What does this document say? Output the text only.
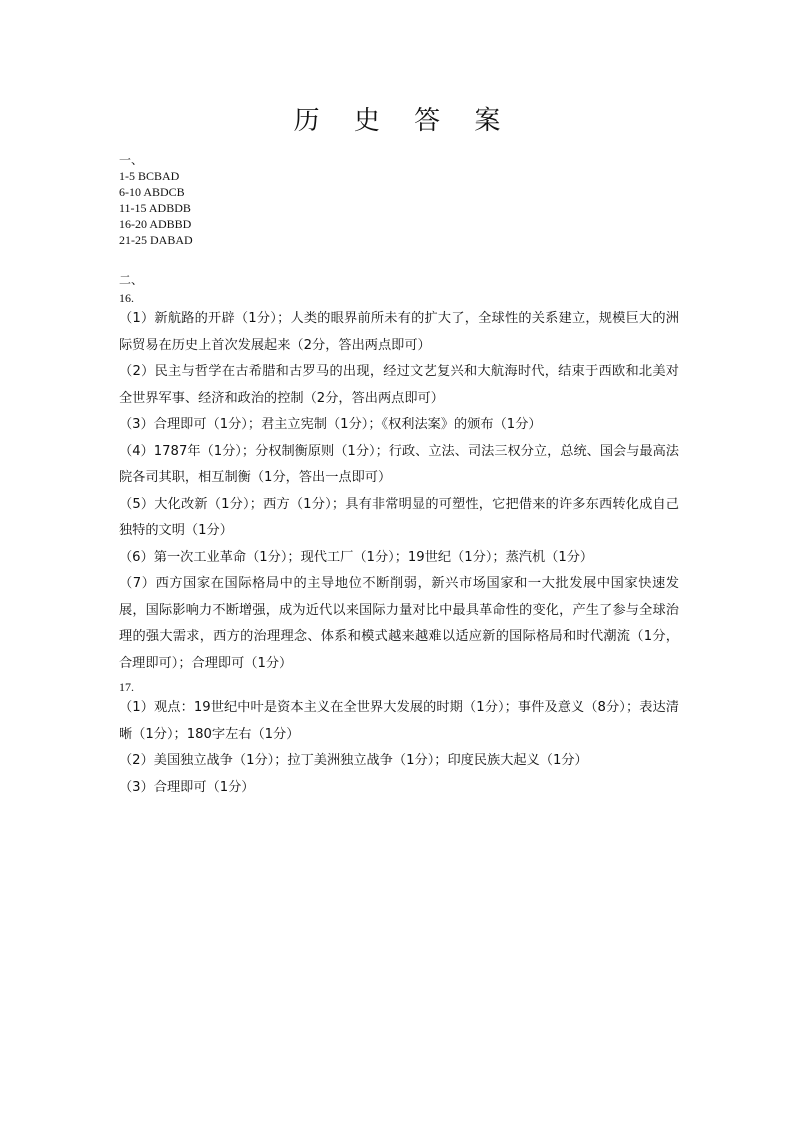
历 史 答 案
一、
1-5 BCBAD
6-10 ABDCB
11-15 ADBDB
16-20 ADBBD
21-25 DABAD
二、
16.
（1）新航路的开辟（1分）；人类的眼界前所未有的扩大了，全球性的关系建立，规模巨大的洲际贸易在历史上首次发展起来（2分，答出两点即可）
（2）民主与哲学在古希腊和古罗马的出现，经过文艺复兴和大航海时代，结束于西欧和北美对全世界军事、经济和政治的控制（2分，答出两点即可）
（3）合理即可（1分）；君主立宪制（1分）；《权利法案》的颁布（1分）
（4）1787年（1分）；分权制衡原则（1分）；行政、立法、司法三权分立，总统、国会与最高法院各司其职，相互制衡（1分，答出一点即可）
（5）大化改新（1分）；西方（1分）；具有非常明显的可塑性，它把借来的许多东西转化成自己独特的文明（1分）
（6）第一次工业革命（1分）；现代工厂（1分）；19世纪（1分）；蒸汽机（1分）
（7）西方国家在国际格局中的主导地位不断削弱，新兴市场国家和一大批发展中国家快速发展，国际影响力不断增强，成为近代以来国际力量对比中最具革命性的变化，产生了参与全球治理的强大需求，西方的治理理念、体系和模式越来越难以适应新的国际格局和时代潮流（1分，合理即可）；合理即可（1分）
17.
（1）观点：19世纪中叶是资本主义在全世界大发展的时期（1分）；事件及意义（8分）；表达清晰（1分）；180字左右（1分）
（2）美国独立战争（1分）；拉丁美洲独立战争（1分）；印度民族大起义（1分）
（3）合理即可（1分）
